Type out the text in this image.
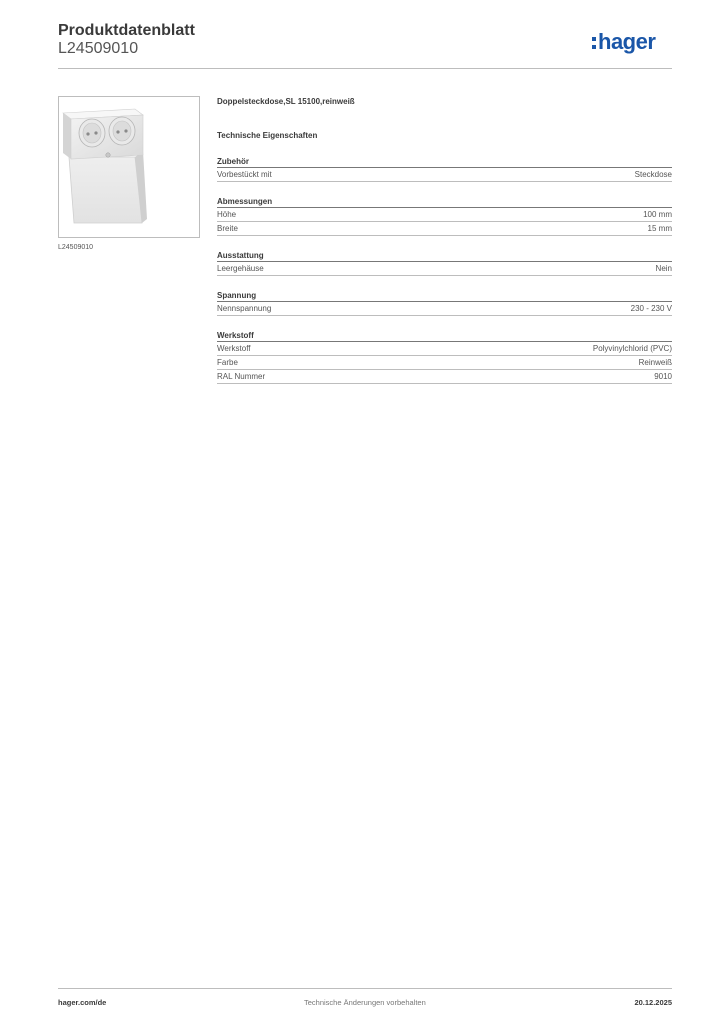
Produktdatenblatt
L24509010	hager
L24509010
Doppelsteckdose,SL 15100,reinweiß
Technische Eigenschaften
Zubehör
Vorbestückt mit	Steckdose
Abmessungen
Höhe	100 mm
Breite	15 mm
Ausstattung
Leergehäuse	Nein
Spannung
Nennspannung	230 - 230 V
Werkstoff
Werkstoff	Polyvinylchlorid (PVC)
Farbe	Reinweiß
RAL Nummer	9010
hager.com/de	Technische Änderungen vorbehalten	20.12.2025
